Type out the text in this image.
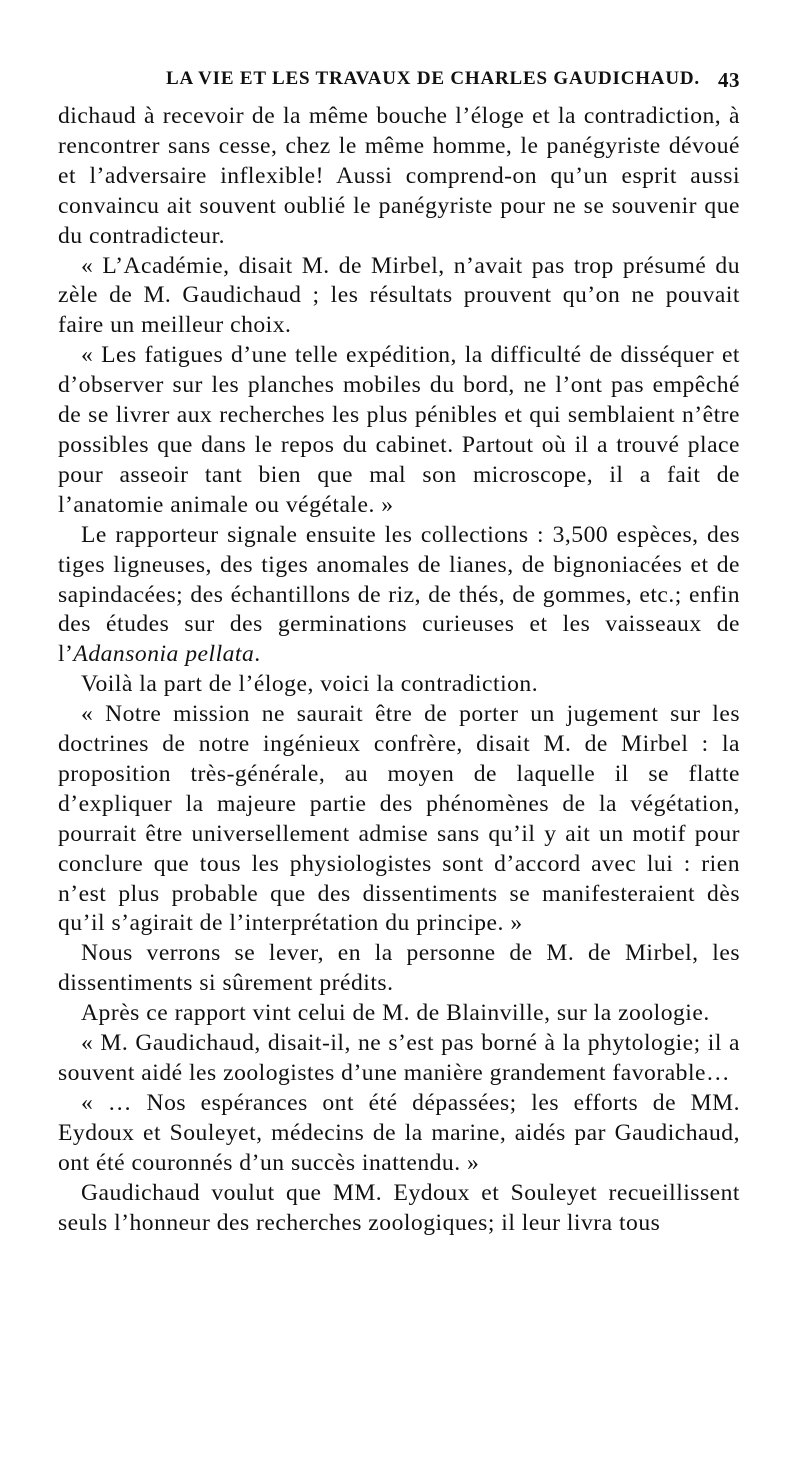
LA VIE ET LES TRAVAUX DE CHARLES GAUDICHAUD. 43

dichaud à recevoir de la même bouche l’éloge et la contradiction, à rencontrer sans cesse, chez le même homme, le panégyriste dévoué et l’adversaire inflexible! Aussi comprend-on qu’un esprit aussi convaincu ait souvent oublié le panégyriste pour ne se souvenir que du contradicteur.

« L’Académie, disait M. de Mirbel, n’avait pas trop présumé du zèle de M. Gaudichaud ; les résultats prouvent qu’on ne pouvait faire un meilleur choix.

« Les fatigues d’une telle expédition, la difficulté de disséquer et d’observer sur les planches mobiles du bord, ne l’ont pas empêché de se livrer aux recherches les plus pénibles et qui semblaient n’être possibles que dans le repos du cabinet. Partout où il a trouvé place pour asseoir tant bien que mal son microscope, il a fait de l’anatomie animale ou végétale. »

Le rapporteur signale ensuite les collections : 3,500 espèces, des tiges ligneuses, des tiges anomales de lianes, de bignoniacées et de sapindacées; des échantillons de riz, de thés, de gommes, etc.; enfin des études sur des germinations curieuses et les vaisseaux de l’Adansonia pellata.

Voilà la part de l’éloge, voici la contradiction.

« Notre mission ne saurait être de porter un jugement sur les doctrines de notre ingénieux confrère, disait M. de Mirbel : la proposition très-générale, au moyen de laquelle il se flatte d’expliquer la majeure partie des phénomènes de la végétation, pourrait être universellement admise sans qu’il y ait un motif pour conclure que tous les physiologistes sont d’accord avec lui : rien n’est plus probable que des dissentiments se manifesteraient dès qu’il s’agirait de l’interprétation du principe. »

Nous verrons se lever, en la personne de M. de Mirbel, les dissentiments si sûrement prédits.

Après ce rapport vint celui de M. de Blainville, sur la zoologie.

« M. Gaudichaud, disait-il, ne s’est pas borné à la phytologie; il a souvent aidé les zoologistes d’une manière grandement favorable…

« … Nos espérances ont été dépassées; les efforts de MM. Eydoux et Souleyet, médecins de la marine, aidés par Gaudichaud, ont été couronnés d’un succès inattendu. »

Gaudichaud voulut que MM. Eydoux et Souleyet recueillissent seuls l’honneur des recherches zoologiques; il leur livra tous
